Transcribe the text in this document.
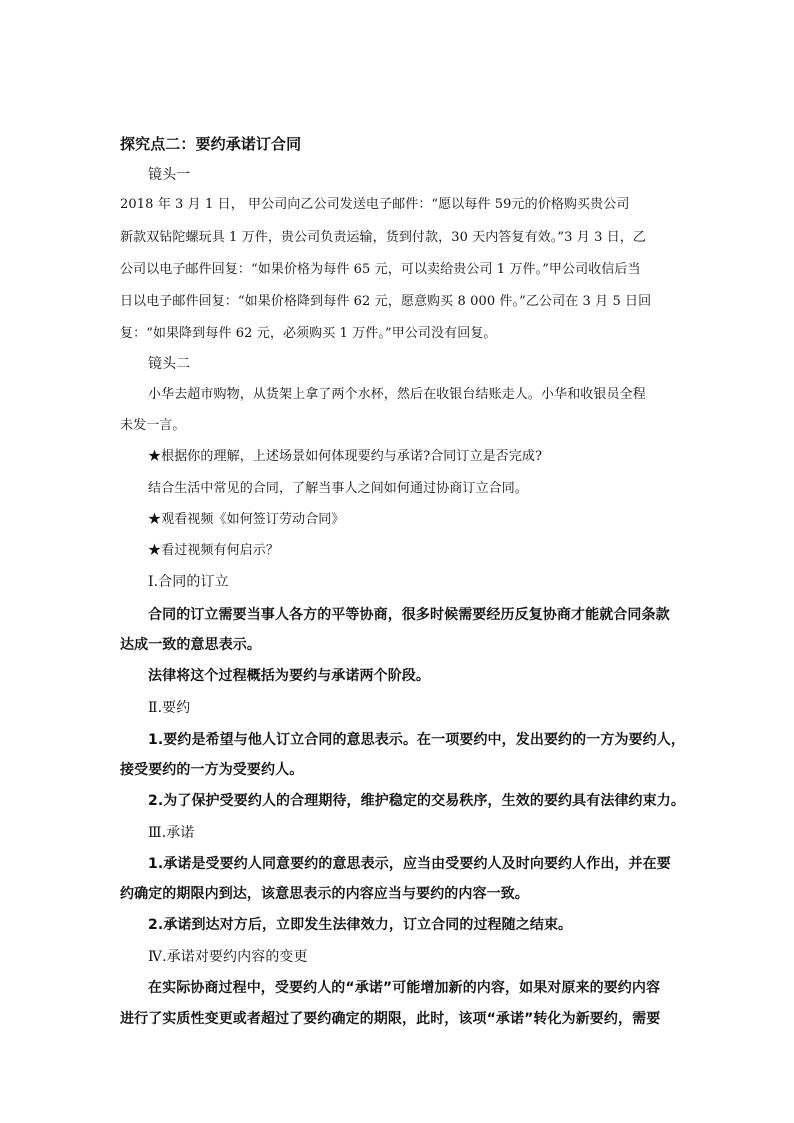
探究点二：要约承诺订合同
镜头一
2018 年 3 月 1 日， 甲公司向乙公司发送电子邮件：“愿以每件 59元的价格购买贵公司
新款双钻陀螺玩具 1 万件，贵公司负责运输，货到付款，30 天内答复有效。”3 月 3 日，乙
公司以电子邮件回复：“如果价格为每件 65 元，可以卖给贵公司 1 万件。”甲公司收信后当
日以电子邮件回复：“如果价格降到每件 62 元，愿意购买 8 000 件。”乙公司在 3 月 5 日回
复：“如果降到每件 62 元，必须购买 1 万件。”甲公司没有回复。
镜头二
小华去超市购物，从货架上拿了两个水杯，然后在收银台结账走人。小华和收银员全程
未发一言。
★根据你的理解，上述场景如何体现要约与承诺?合同订立是否完成?
结合生活中常见的合同，了解当事人之间如何通过协商订立合同。
★观看视频《如何签订劳动合同》
★看过视频有何启示？
Ⅰ.合同的订立
合同的订立需要当事人各方的平等协商，很多时候需要经历反复协商才能就合同条款
达成一致的意思表示。
法律将这个过程概括为要约与承诺两个阶段。
Ⅱ.要约
1.要约是希望与他人订立合同的意思表示。在一项要约中，发出要约的一方为要约人，
接受要约的一方为受要约人。
2.为了保护受要约人的合理期待，维护稳定的交易秩序，生效的要约具有法律约束力。
Ⅲ.承诺
1.承诺是受要约人同意要约的意思表示，应当由受要约人及时向要约人作出，并在要
约确定的期限内到达，该意思表示的内容应当与要约的内容一致。
2.承诺到达对方后，立即发生法律效力，订立合同的过程随之结束。
Ⅳ.承诺对要约内容的变更
在实际协商过程中，受要约人的“承诺”可能增加新的内容，如果对原来的要约内容
进行了实质性变更或者超过了要约确定的期限，此时，该项“承诺”转化为新要约，需要
